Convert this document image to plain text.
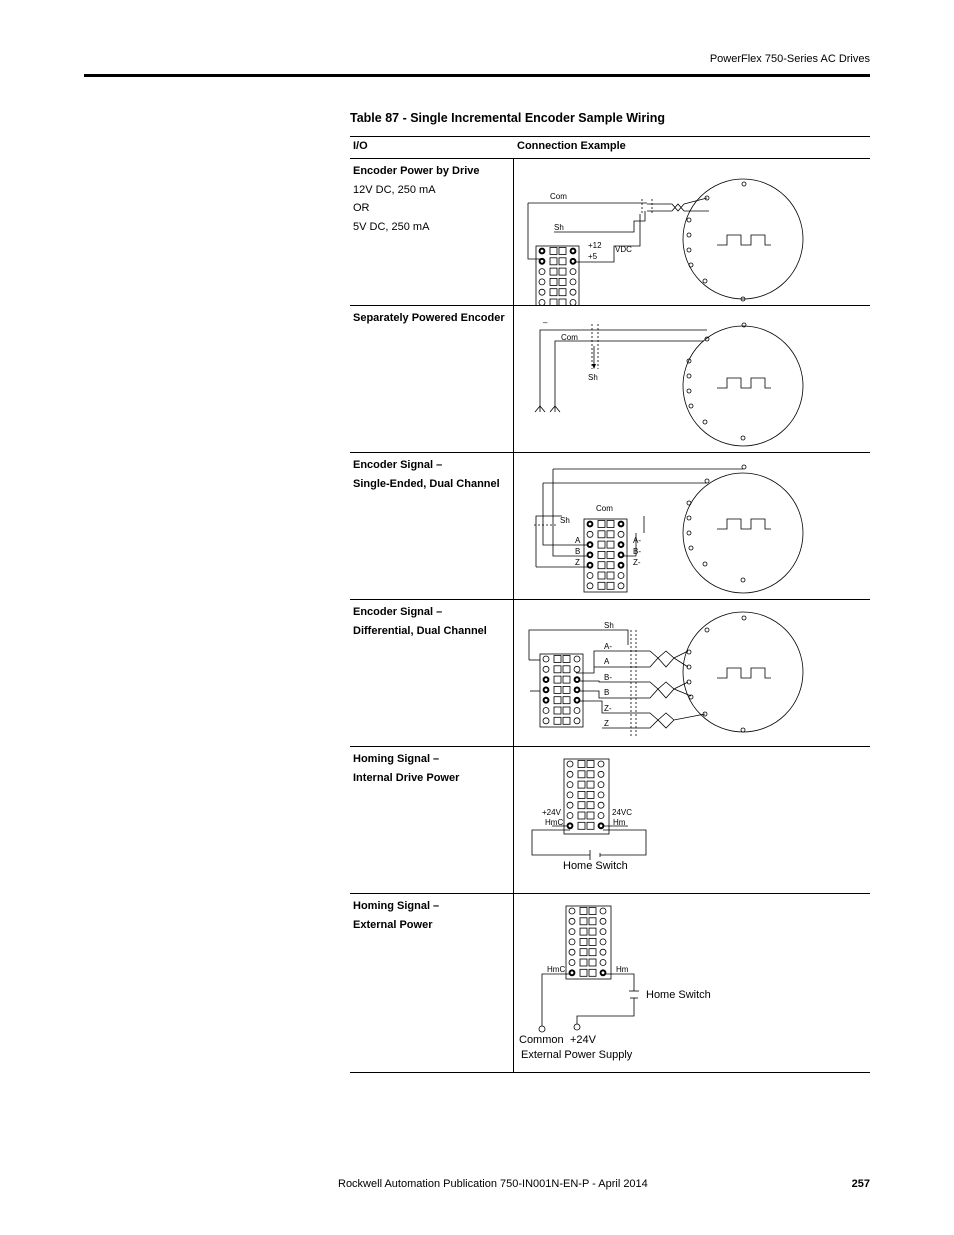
PowerFlex 750-Series AC Drives
Table 87 - Single Incremental Encoder Sample Wiring
I/O	Connection Example
Encoder Power by Drive
12V DC, 250 mA
OR
5V DC, 250 mA
Com
Sh
+12
+5
VDC
Separately Powered Encoder	–
Com
Sh
Encoder Signal –
Single-Ended, Dual Channel
Com
Sh
A
B
Z
A-
B-
Z-
Encoder Signal –
Differential, Dual Channel	Sh
A-
A
B-
B
Z-
Z
Homing Signal –
Internal Drive Power
+24V
HmC
24VC
Hm
Home Switch
Homing Signal –
External Power
HmC	Hm
Home Switch
Common +24V
External Power Supply
Rockwell Automation Publication 750-IN001N-EN-P - April 2014	257
